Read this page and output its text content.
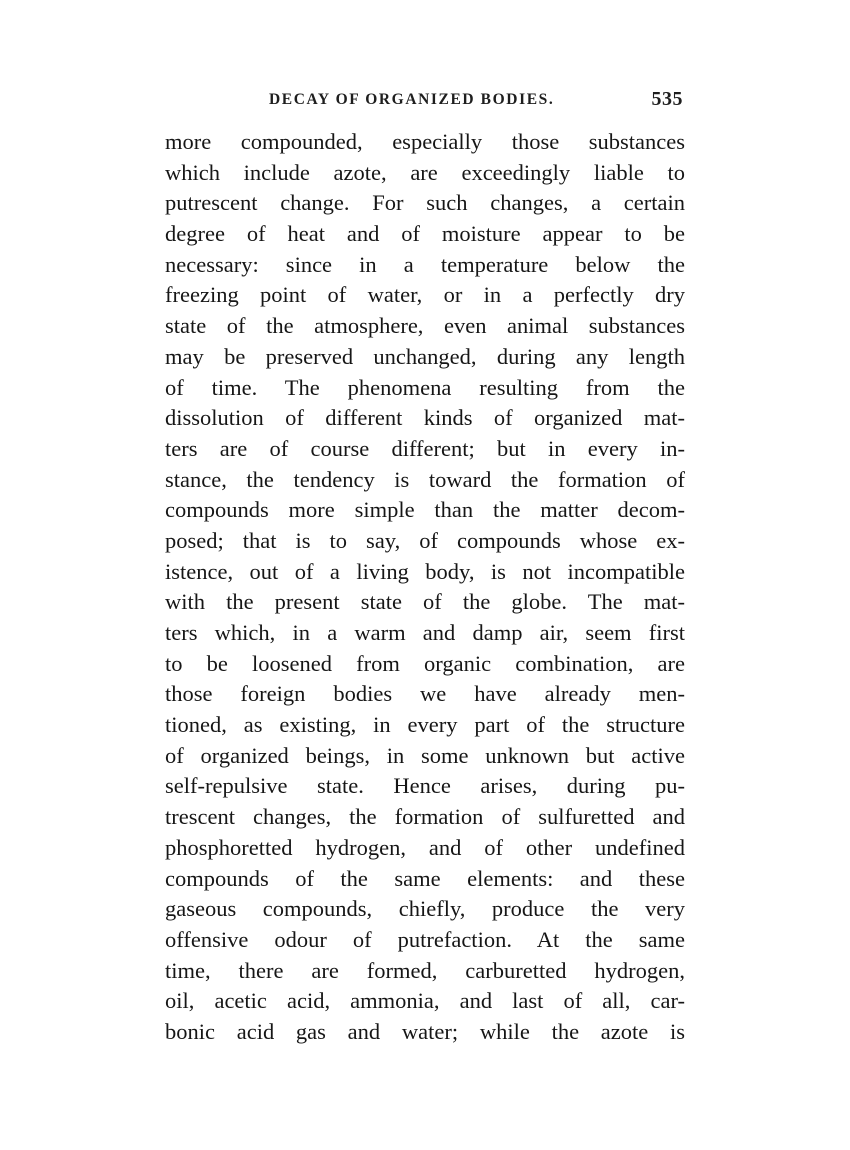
DECAY OF ORGANIZED BODIES.	535
more compounded, especially those substances
which include azote, are exceedingly liable to
putrescent change. For such changes, a certain
degree of heat and of moisture appear to be
necessary: since in a temperature below the
freezing point of water, or in a perfectly dry
state of the atmosphere, even animal substances
may be preserved unchanged, during any length
of time. The phenomena resulting from the
dissolution of different kinds of organized mat-
ters are of course different; but in every in-
stance, the tendency is toward the formation of
compounds more simple than the matter decom-
posed; that is to say, of compounds whose ex-
istence, out of a living body, is not incompatible
with the present state of the globe. The mat-
ters which, in a warm and damp air, seem first
to be loosened from organic combination, are
those foreign bodies we have already men-
tioned, as existing, in every part of the structure
of organized beings, in some unknown but active
self-repulsive state. Hence arises, during pu-
trescent changes, the formation of sulfuretted and
phosphoretted hydrogen, and of other undefined
compounds of the same elements: and these
gaseous compounds, chiefly, produce the very
offensive odour of putrefaction. At the same
time, there are formed, carburetted hydrogen,
oil, acetic acid, ammonia, and last of all, car-
bonic acid gas and water; while the azote is
